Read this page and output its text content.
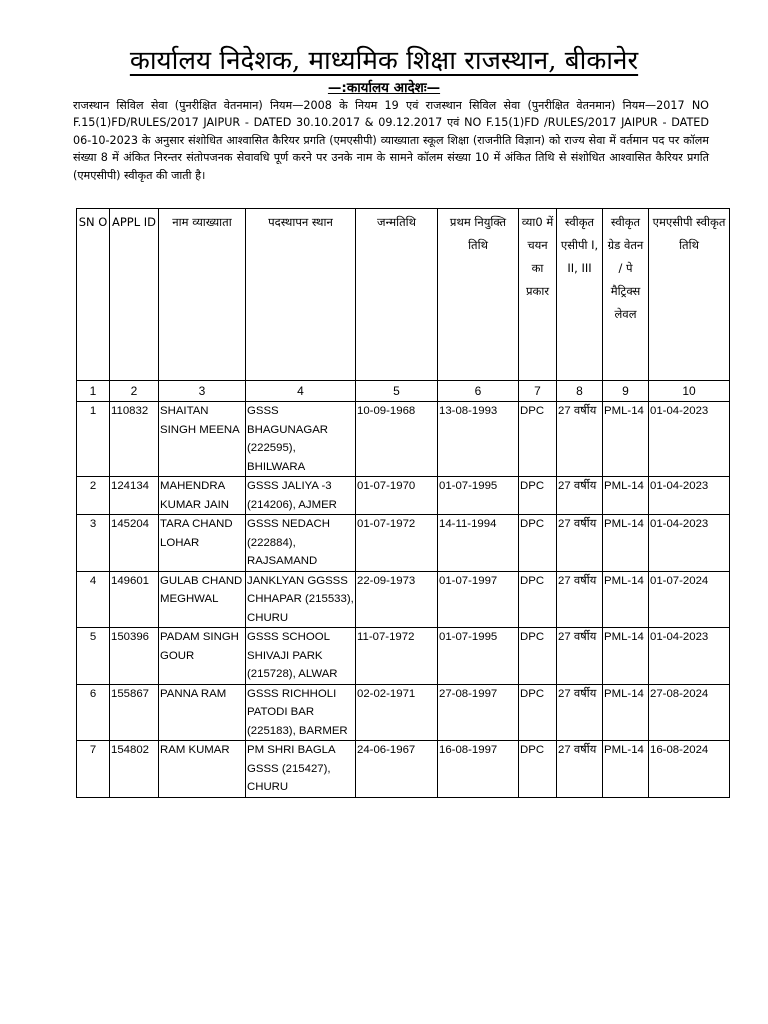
कार्यालय निदेशक, माध्यमिक शिक्षा राजस्थान, बीकानेर
—:कार्यालय आदेशः—
राजस्थान सिविल सेवा (पुनरीक्षित वेतनमान) नियम—2008 के नियम 19 एवं राजस्थान सिविल सेवा (पुनरीक्षित वेतनमान) नियम—2017 NO F.15(1)FD/RULES/2017 JAIPUR - DATED 30.10.2017 & 09.12.2017 एवं NO F.15(1)FD /RULES/2017 JAIPUR - DATED 06-10-2023 के अनुसार संशोधित आश्वासित कैरियर प्रगति (एमएसीपी) व्याख्याता स्कूल शिक्षा (राजनीति विज्ञान) को राज्य सेवा में वर्तमान पद पर कॉलम संख्या 8 में अंकित निरन्तर संतोपजनक सेवावधि पूर्ण करने पर उनके नाम के सामने कॉलम संख्या 10 में अंकित तिथि से संशोधित आश्वासित कैरियर प्रगति (एमएसीपी) स्वीकृत की जाती है।
SN O	APPL ID	नाम व्याख्याता	पदस्थापन स्थान	जन्मतिथि	प्रथम नियुक्ति तिथि	व्या0 में चयन का प्रकार	स्वीकृत एसीपी I, II, III	स्वीकृत ग्रेड वेतन / पे मैट्रिक्स लेवल	एमएसीपी स्वीकृत तिथि
1	2	3	4	5	6	7	8	9	10
1	110832	SHAITAN SINGH MEENA	GSSS BHAGUNAGAR (222595), BHILWARA	10-09-1968	13-08-1993	DPC	27 वर्षीय	PML-14	01-04-2023
2	124134	MAHENDRA KUMAR JAIN	GSSS JALIYA -3 (214206), AJMER	01-07-1970	01-07-1995	DPC	27 वर्षीय	PML-14	01-04-2023
3	145204	TARA CHAND LOHAR	GSSS NEDACH (222884), RAJSAMAND	01-07-1972	14-11-1994	DPC	27 वर्षीय	PML-14	01-04-2023
4	149601	GULAB CHAND MEGHWAL	JANKLYAN GGSSS CHHAPAR (215533), CHURU	22-09-1973	01-07-1997	DPC	27 वर्षीय	PML-14	01-07-2024
5	150396	PADAM SINGH GOUR	GSSS SCHOOL SHIVAJI PARK (215728), ALWAR	11-07-1972	01-07-1995	DPC	27 वर्षीय	PML-14	01-04-2023
6	155867	PANNA RAM	GSSS RICHHOLI PATODI BAR (225183), BARMER	02-02-1971	27-08-1997	DPC	27 वर्षीय	PML-14	27-08-2024
7	154802	RAM KUMAR	PM SHRI BAGLA GSSS (215427), CHURU	24-06-1967	16-08-1997	DPC	27 वर्षीय	PML-14	16-08-2024
